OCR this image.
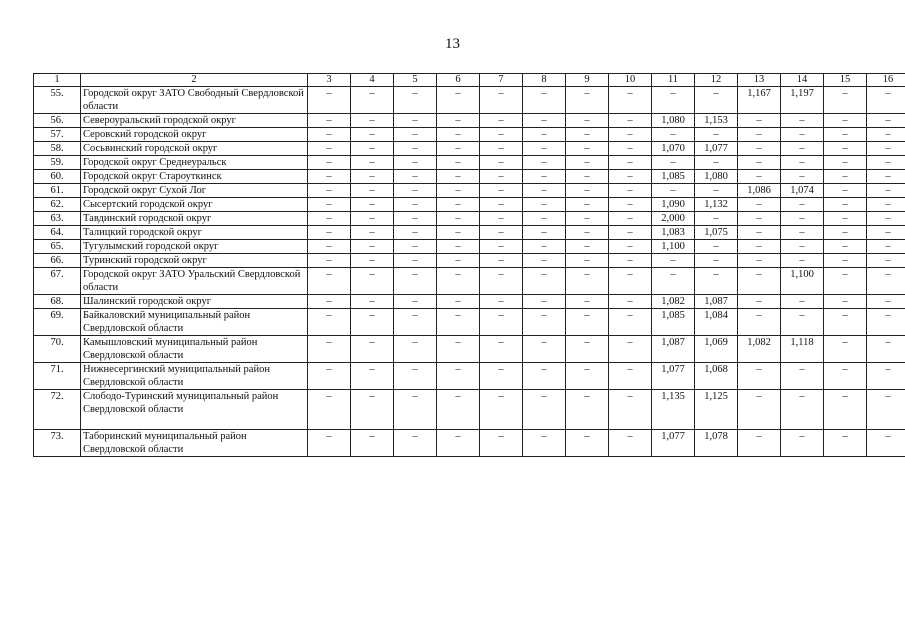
13
1	2	3	4	5	6	7	8	9	10	11	12	13	14	15	16
55.	Городской округ ЗАТО Свободный Свердловской области	–	–	–	–	–	–	–	–	–	–	1,167	1,197	–	–
56.	Североуральский городской округ	–	–	–	–	–	–	–	–	1,080	1,153	–	–	–	–
57.	Серовский городской округ	–	–	–	–	–	–	–	–	–	–	–	–	–	–
58.	Сосьвинский городской округ	–	–	–	–	–	–	–	–	1,070	1,077	–	–	–	–
59.	Городской округ Среднеуральск	–	–	–	–	–	–	–	–	–	–	–	–	–	–
60.	Городской округ Староуткинск	–	–	–	–	–	–	–	–	1,085	1,080	–	–	–	–
61.	Городской округ Сухой Лог	–	–	–	–	–	–	–	–	–	–	1,086	1,074	–	–
62.	Сысертский городской округ	–	–	–	–	–	–	–	–	1,090	1,132	–	–	–	–
63.	Тавдинский городской округ	–	–	–	–	–	–	–	–	2,000	–	–	–	–	–
64.	Талицкий городской округ	–	–	–	–	–	–	–	–	1,083	1,075	–	–	–	–
65.	Тугулымский городской округ	–	–	–	–	–	–	–	–	1,100	–	–	–	–	–
66.	Туринский городской округ	–	–	–	–	–	–	–	–	–	–	–	–	–	–
67.	Городской округ ЗАТО Уральский Свердловской области	–	–	–	–	–	–	–	–	–	–	–	1,100	–	–
68.	Шалинский городской округ	–	–	–	–	–	–	–	–	1,082	1,087	–	–	–	–
69.	Байкаловский муниципальный район Свердловской области	–	–	–	–	–	–	–	–	1,085	1,084	–	–	–	–
70.	Камышловский муниципальный район Свердловской области	–	–	–	–	–	–	–	–	1,087	1,069	1,082	1,118	–	–
71.	Нижнесергинский муниципальный район Свердловской области	–	–	–	–	–	–	–	–	1,077	1,068	–	–	–	–
72.	Слободо-Туринский муниципальный район Свердловской области	–	–	–	–	–	–	–	–	1,135	1,125	–	–	–	–
73.	Таборинский муниципальный район Свердловской области	–	–	–	–	–	–	–	–	1,077	1,078	–	–	–	–
